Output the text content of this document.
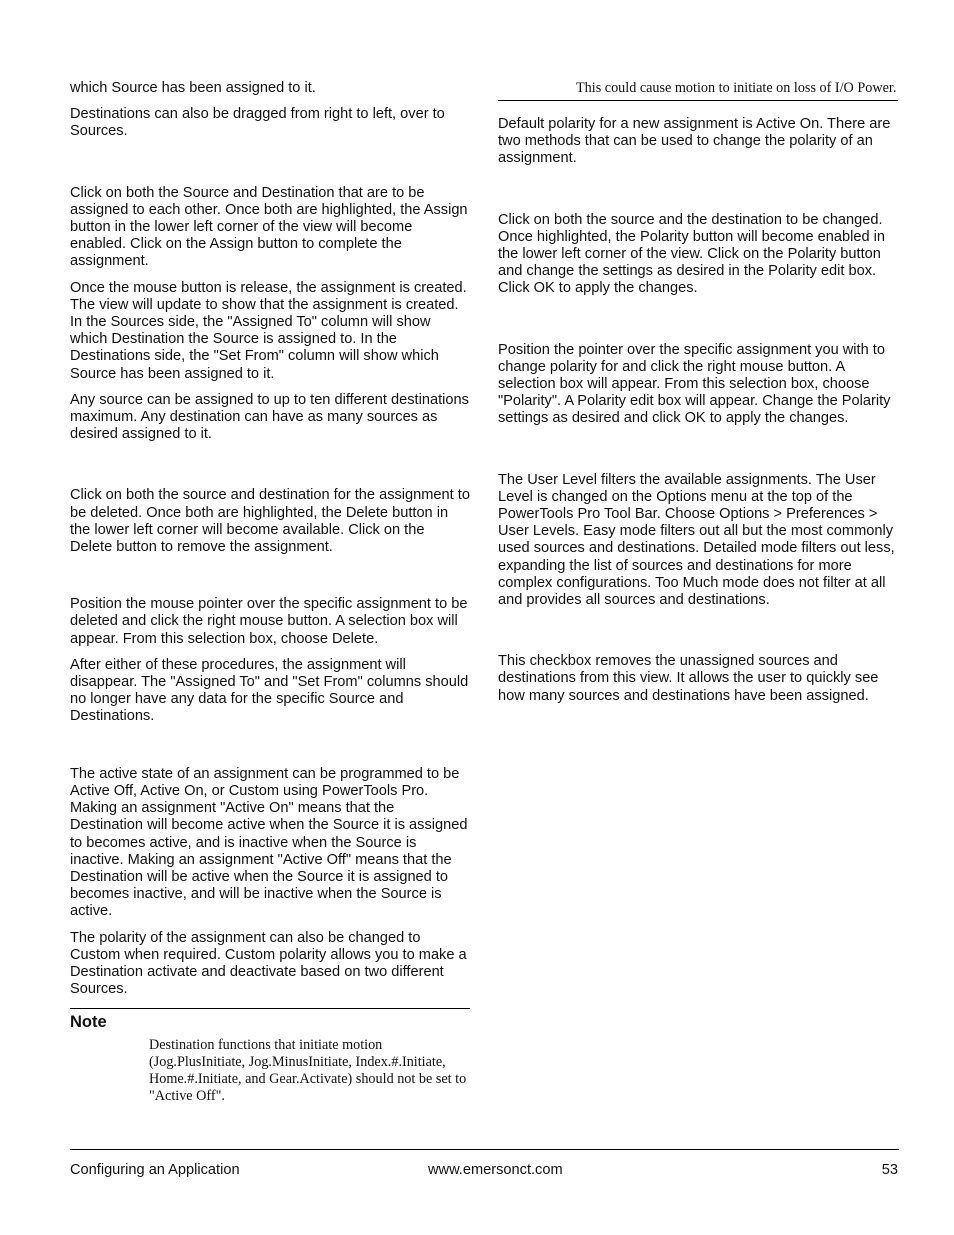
which Source has been assigned to it.

Destinations can also be dragged from right to left, over to Sources.

Click on both the Source and Destination that are to be assigned to each other. Once both are highlighted, the Assign button in the lower left corner of the view will become enabled. Click on the Assign button to complete the assignment.

Once the mouse button is release, the assignment is created. The view will update to show that the assignment is created. In the Sources side, the "Assigned To" column will show which Destination the Source is assigned to. In the Destinations side, the "Set From" column will show which Source has been assigned to it.

Any source can be assigned to up to ten different destinations maximum. Any destination can have as many sources as desired assigned to it.

Click on both the source and destination for the assignment to be deleted. Once both are highlighted, the Delete button in the lower left corner will become available. Click on the Delete button to remove the assignment.

Position the mouse pointer over the specific assignment to be deleted and click the right mouse button. A selection box will appear. From this selection box, choose Delete.

After either of these procedures, the assignment will disappear. The "Assigned To" and "Set From" columns should no longer have any data for the specific Source and Destinations.

The active state of an assignment can be programmed to be Active Off, Active On, or Custom using PowerTools Pro. Making an assignment "Active On" means that the Destination will become active when the Source it is assigned to becomes active, and is inactive when the Source is inactive. Making an assignment "Active Off" means that the Destination will be active when the Source it is assigned to becomes inactive, and will be inactive when the Source is active.

The polarity of the assignment can also be changed to Custom when required. Custom polarity allows you to make a Destination activate and deactivate based on two different Sources.

Note
Destination functions that initiate motion (Jog.PlusInitiate, Jog.MinusInitiate, Index.#.Initiate, Home.#.Initiate, and Gear.Activate) should not be set to "Active Off".
This could cause motion to initiate on loss of I/O Power.

Default polarity for a new assignment is Active On. There are two methods that can be used to change the polarity of an assignment.

Click on both the source and the destination to be changed. Once highlighted, the Polarity button will become enabled in the lower left corner of the view. Click on the Polarity button and change the settings as desired in the Polarity edit box. Click OK to apply the changes.

Position the pointer over the specific assignment you with to change polarity for and click the right mouse button. A selection box will appear. From this selection box, choose "Polarity". A Polarity edit box will appear. Change the Polarity settings as desired and click OK to apply the changes.

The User Level filters the available assignments. The User Level is changed on the Options menu at the top of the PowerTools Pro Tool Bar. Choose Options > Preferences > User Levels. Easy mode filters out all but the most commonly used sources and destinations. Detailed mode filters out less, expanding the list of sources and destinations for more complex configurations. Too Much mode does not filter at all and provides all sources and destinations.

This checkbox removes the unassigned sources and destinations from this view. It allows the user to quickly see how many sources and destinations have been assigned.

Configuring an Application	www.emersonct.com	53
